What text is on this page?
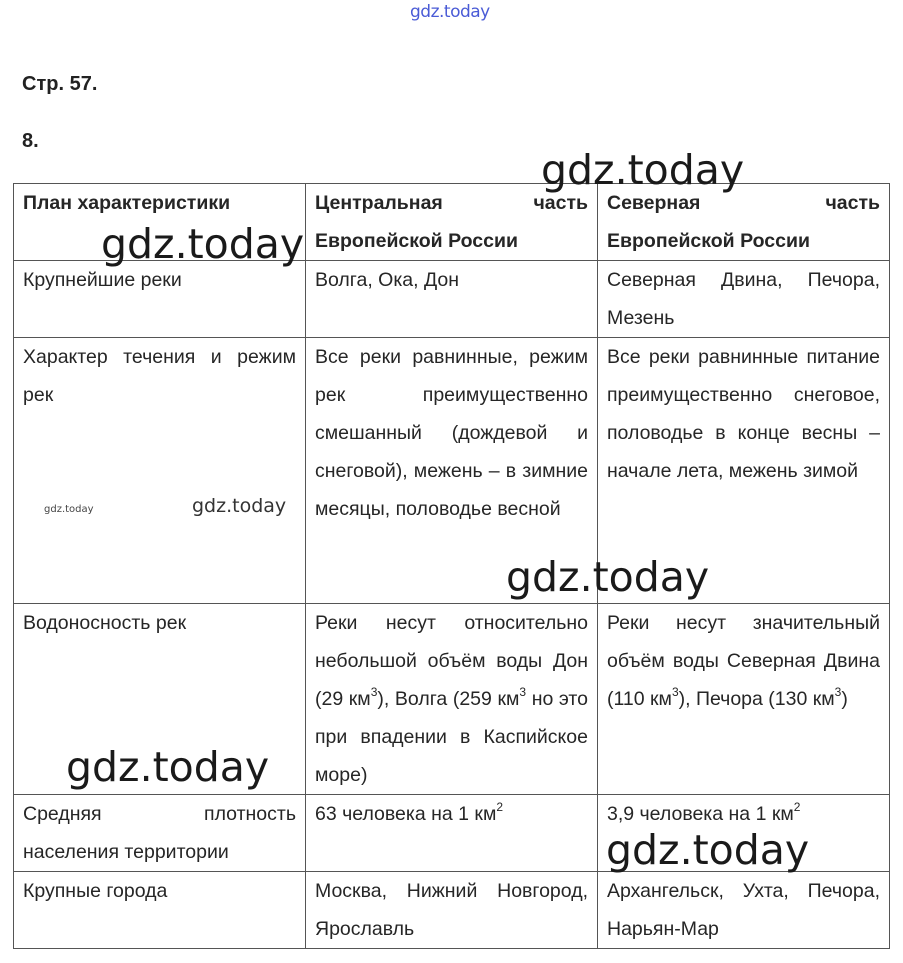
gdz.today
gdz.today
gdz.today
gdz.today	gdz.today
gdz.today
gdz.today
gdz.today
Стр. 57.
8.
План характеристики	Центральная часть Европейской России	Северная часть Европейской России
Крупнейшие реки	Волга, Ока, Дон	Северная Двина, Печора, Мезень
Характер течения и режим рек	Все реки равнинные, режим рек преимущественно смешанный (дождевой и снеговой), межень – в зимние месяцы, половодье весной	Все реки равнинные питание преимущественно снеговое, половодье в конце весны – начале лета, межень зимой
Водоносность рек	Реки несут относительно небольшой объём воды Дон (29 $км^3$), Волга (259 $км^3$ но это при впадении в Каспийское море)	Реки несут значительный объём воды Северная Двина (110 $км^3$), Печора (130 $км^3$)
Средняя плотность населения территории	63 человека на 1 $км^2$	3,9 человека на 1 $км^2$
Крупные города	Москва, Нижний Новгород, Ярославль	Архангельск, Ухта, Печора, Нарьян-Мар
